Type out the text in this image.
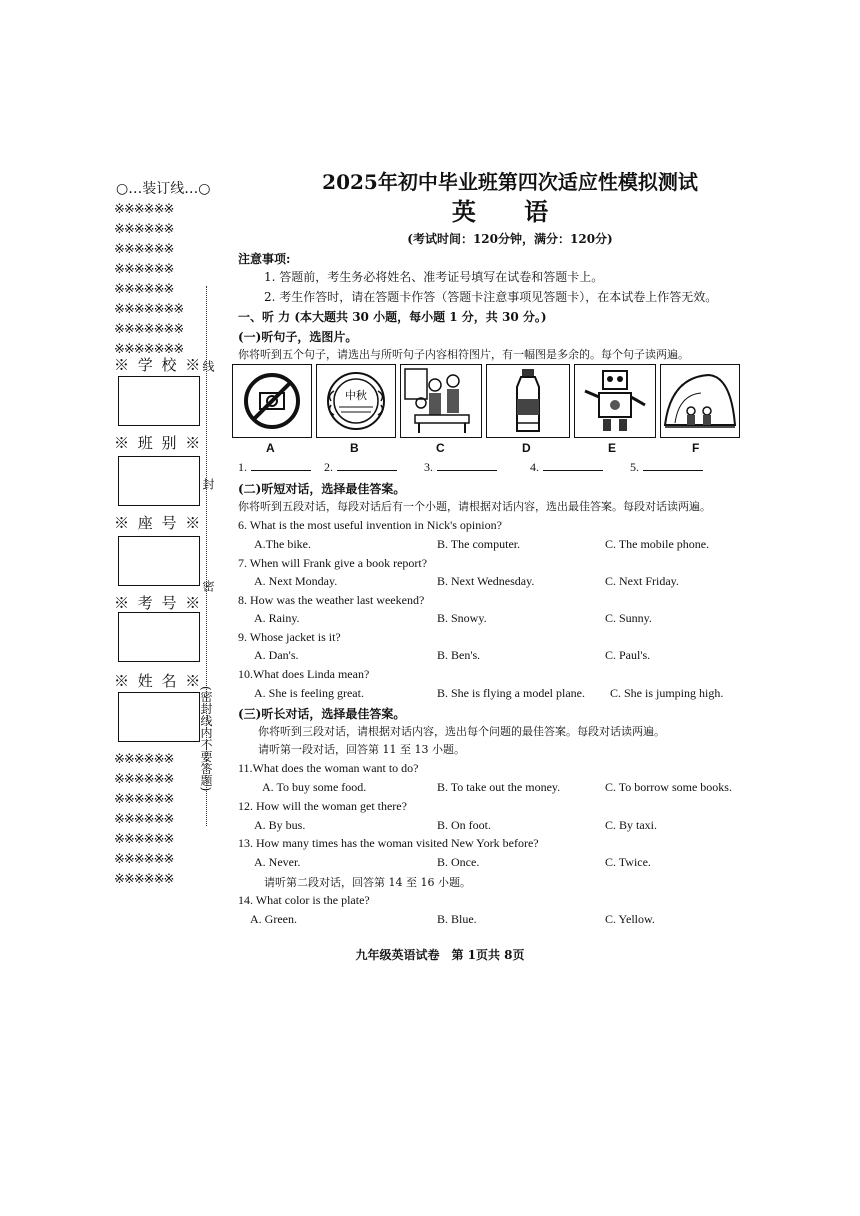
○…装订线…○
※※※※※※
※※※※※※
※※※※※※
※※※※※※
※※※※※※
※※※※※※※
※※※※※※※
※※※※※※※
※ 学 校 ※
※ 班 别 ※
※ 座 号 ※
※ 考 号 ※
※ 姓 名 ※
※※※※※※
※※※※※※
※※※※※※
※※※※※※
※※※※※※
※※※※※※
※※※※※※
线
封
密
(密封线内不要答题)
2025年初中毕业班第四次适应性模拟测试
英 语
(考试时间：120分钟，满分：120分)
注意事项:
1. 答题前，考生务必将姓名、准考证号填写在试卷和答题卡上。
2. 考生作答时，请在答题卡作答（答题卡注意事项见答题卡），在本试卷上作答无效。
一、听 力 (本大题共 30 小题，每小题 1 分，共 30 分。)
(一)听句子，选图片。
你将听到五个句子，请选出与所听句子内容相符图片，有一幅图是多余的。每个句子读两遍。
中秋
A	B	C	D	E	F
1.	2.	3.	4.	5.
(二)听短对话，选择最佳答案。
你将听到五段对话，每段对话后有一个小题，请根据对话内容，选出最佳答案。每段对话读两遍。
6. What is the most useful invention in Nick's opinion?
A.The bike.	B. The computer.	C. The mobile phone.
7. When will Frank give a book report?
A. Next Monday.	B. Next Wednesday.	C. Next Friday.
8. How was the weather last weekend?
A. Rainy.	B. Snowy.	C. Sunny.
9. Whose jacket is it?
A. Dan's.	B. Ben's.	C. Paul's.
10.What does Linda mean?
A. She is feeling great.	B. She is flying a model plane. C. She is jumping high.
(三)听长对话，选择最佳答案。
你将听到三段对话，请根据对话内容，选出每个问题的最佳答案。每段对话读两遍。
请听第一段对话，回答第 11 至 13 小题。
11.What does the woman want to do?
A. To buy some food.	B. To take out the money.	C. To borrow some books.
12. How will the woman get there?
A. By bus.	B. On foot.	C. By taxi.
13. How many times has the woman visited New York before?
A. Never.	B. Once.	C. Twice.
请听第二段对话，回答第 14 至 16 小题。
14. What color is the plate?
A. Green.	B. Blue.	C. Yellow.
九年级英语试卷　第 1页共 8页
